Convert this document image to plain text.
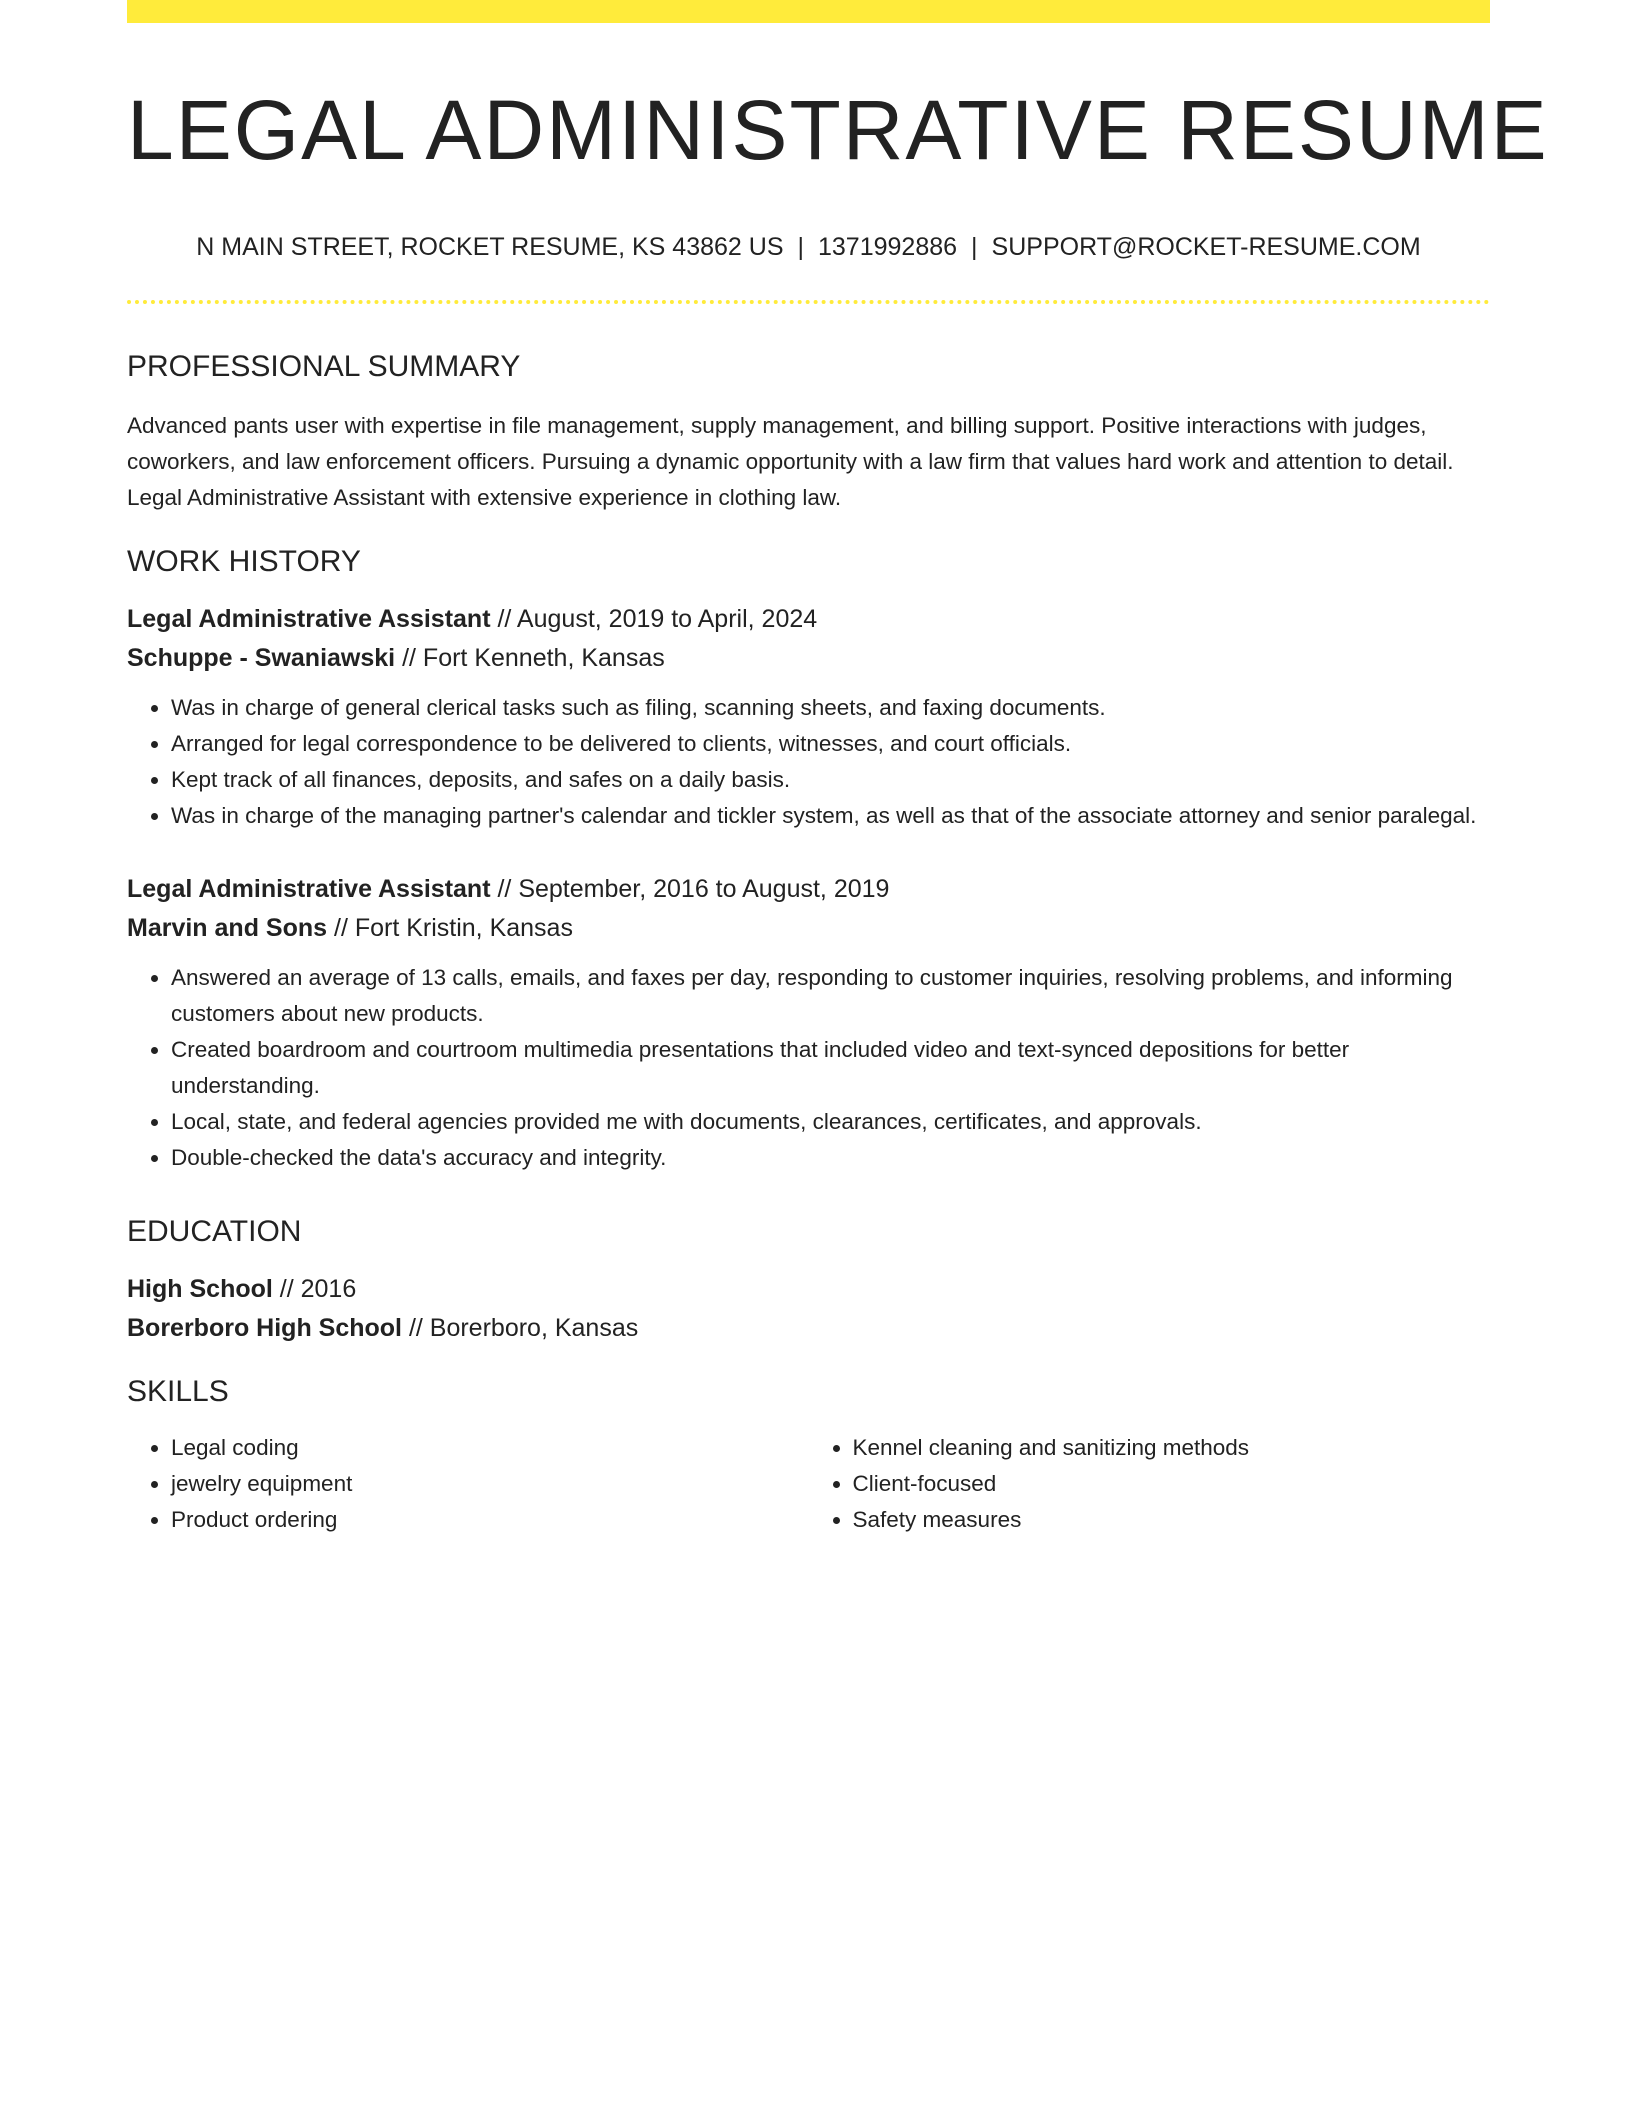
LEGAL ADMINISTRATIVE RESUME
N MAIN STREET, ROCKET RESUME, KS 43862 US | 1371992886 | SUPPORT@ROCKET-RESUME.COM
PROFESSIONAL SUMMARY

Advanced pants user with expertise in file management, supply management, and billing support. Positive interactions with judges, coworkers, and law enforcement officers. Pursuing a dynamic opportunity with a law firm that values hard work and attention to detail. Legal Administrative Assistant with extensive experience in clothing law.

WORK HISTORY
Legal Administrative Assistant // August, 2019 to April, 2024
Schuppe - Swaniawski // Fort Kenneth, Kansas
• Was in charge of general clerical tasks such as filing, scanning sheets, and faxing documents.
• Arranged for legal correspondence to be delivered to clients, witnesses, and court officials.
• Kept track of all finances, deposits, and safes on a daily basis.
• Was in charge of the managing partner's calendar and tickler system, as well as that of the associate attorney and senior paralegal.
Legal Administrative Assistant // September, 2016 to August, 2019
Marvin and Sons // Fort Kristin, Kansas
• Answered an average of 13 calls, emails, and faxes per day, responding to customer inquiries, resolving problems, and informing customers about new products.
• Created boardroom and courtroom multimedia presentations that included video and text-synced depositions for better understanding.
• Local, state, and federal agencies provided me with documents, clearances, certificates, and approvals.
• Double-checked the data's accuracy and integrity.
EDUCATION
High School // 2016
Borerboro High School // Borerboro, Kansas
SKILLS
• Legal coding
• jewelry equipment
• Product ordering
• Kennel cleaning and sanitizing methods
• Client-focused
• Safety measures
